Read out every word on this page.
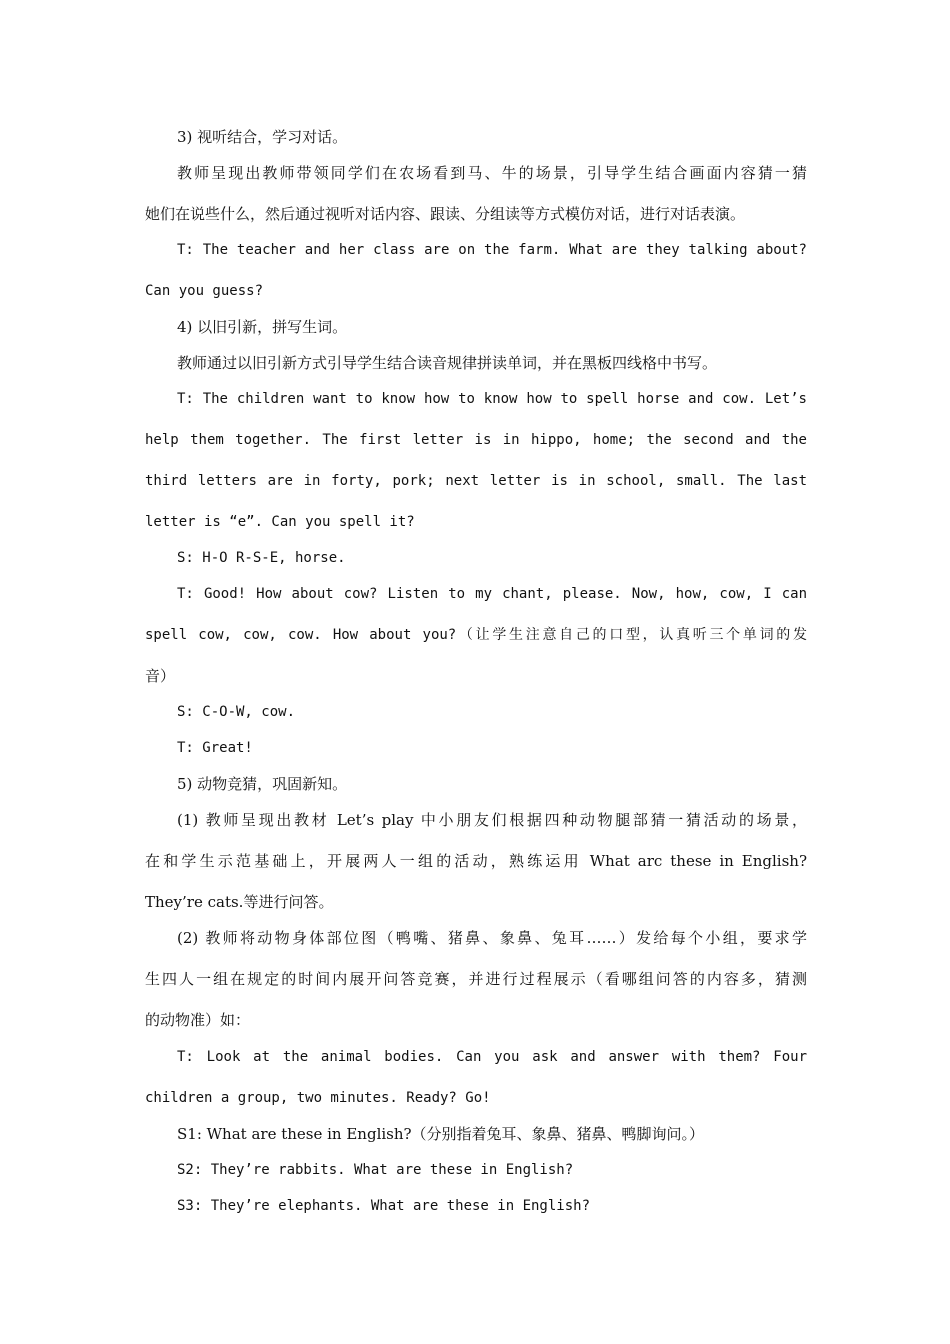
3) 视听结合，学习对话。

教师呈现出教师带领同学们在农场看到马、牛的场景，引导学生结合画面内容猜一猜

她们在说些什么，然后通过视听对话内容、跟读、分组读等方式模仿对话，进行对话表演。

T: The teacher and her class are on the farm. What are they talking about?

Can you guess?

4) 以旧引新，拼写生词。

教师通过以旧引新方式引导学生结合读音规律拼读单词，并在黑板四线格中书写。

T: The children want to know how to know how to spell horse and cow. Let’s

help them together. The first letter is in hippo, home; the second and the

third letters are in forty, pork; next letter is in school, small. The last

letter is “e”. Can you spell it?

S: H-O R-S-E, horse.

T: Good! How about cow? Listen to my chant, please. Now, how, cow, I can

spell cow, cow, cow. How about you?（让学生注意自己的口型，认真听三个单词的发

音）

S: C-O-W, cow.

T: Great!

5) 动物竞猜，巩固新知。

(1) 教师呈现出教材 Let’s play 中小朋友们根据四种动物腿部猜一猜活动的场景，

在和学生示范基础上，开展两人一组的活动，熟练运用 What arc these in English?

They’re cats.等进行问答。

(2) 教师将动物身体部位图（鸭嘴、猪鼻、象鼻、兔耳……）发给每个小组，要求学

生四人一组在规定的时间内展开问答竞赛，并进行过程展示（看哪组问答的内容多，猜测

的动物准）如：

T: Look at the animal bodies. Can you ask and answer with them? Four

children a group, two minutes. Ready? Go!

S1: What are these in English?（分别指着兔耳、象鼻、猪鼻、鸭脚询问。）

S2: They’re rabbits. What are these in English?

S3: They’re elephants. What are these in English?
